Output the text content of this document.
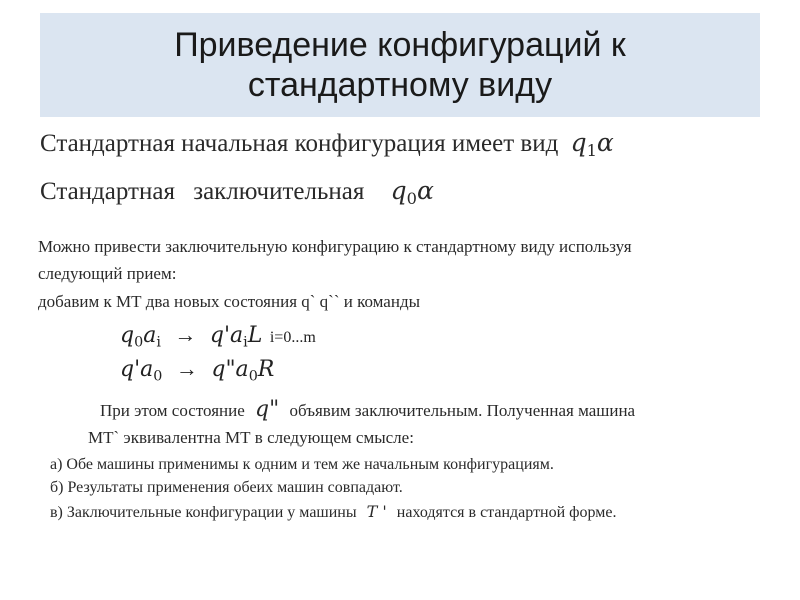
Приведение конфигураций к
стандартному виду
Стандартная начальная конфигурация имеет вид $q_1\alpha$
Стандартная заключительная $q_0\alpha$
Можно привести заключительную конфигурацию к стандартному виду используя
следующий прием:
добавим к МТ два новых состояния q` q`` и команды
$q_0a_i \to q'a_iL$ i=0...m
$q'a_0$ → $q"a_0R$
При этом состояние q" объявим заключительным. Полученная машина
МТ` эквивалентна МТ в следующем смысле:
а) Обе машины применимы к одним и тем же начальным конфигурациям.
б) Результаты применения обеих машин совпадают.
в) Заключительные конфигурации у машины T ' находятся в стандартной форме.
